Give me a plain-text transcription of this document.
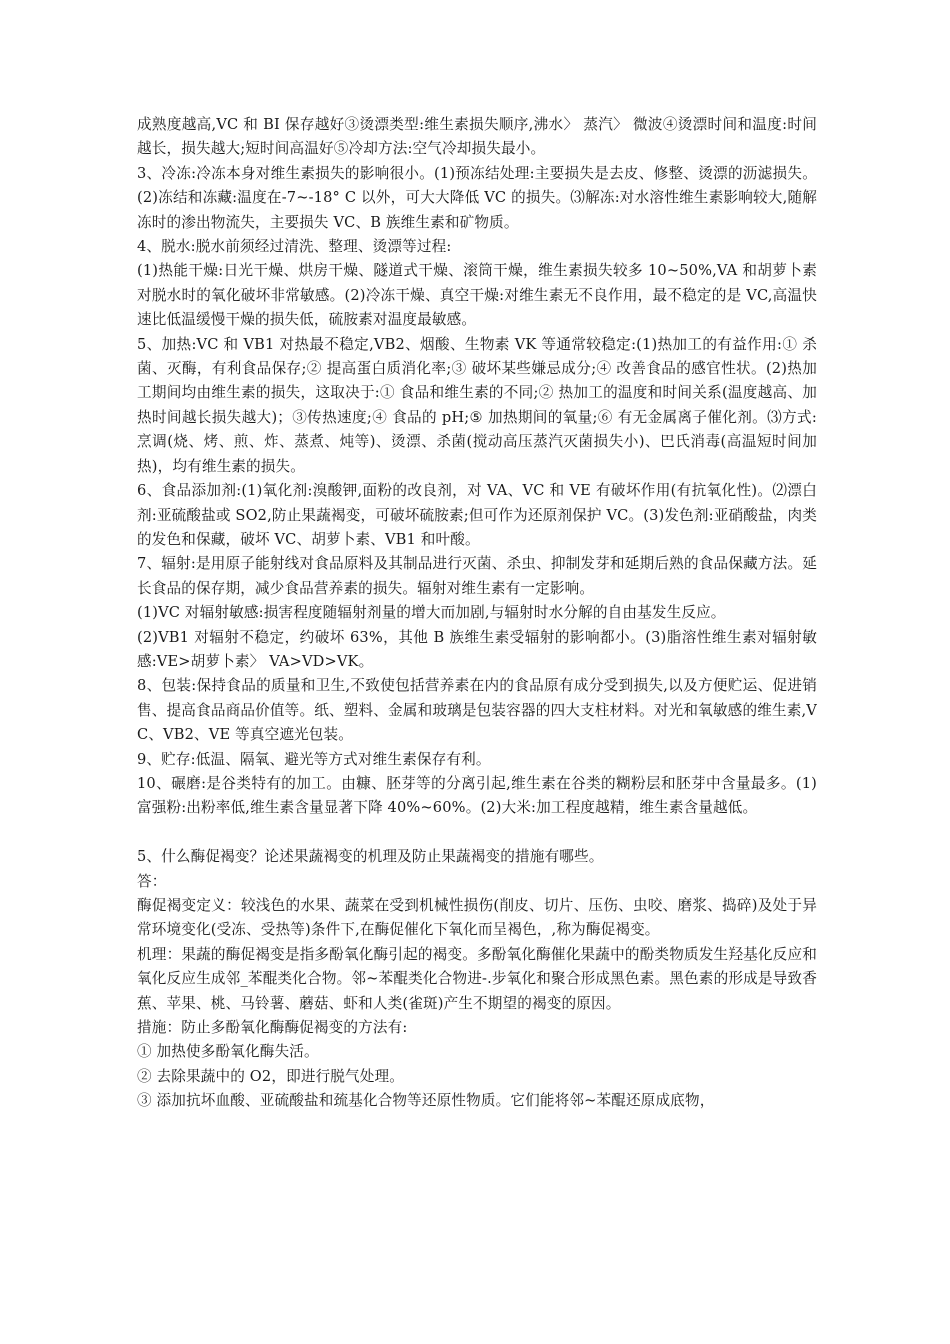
成熟度越高,VC 和 BI 保存越好③烫漂类型:维生素损失顺序,沸水〉 蒸汽〉 微波④烫漂时间和温度:时间越长，损失越大;短时间高温好⑤冷却方法:空气冷却损失最小。

3、冷冻:冷冻本身对维生素损失的影响很小。(1)预冻结处理:主要损失是去皮、修整、烫漂的沥滤损失。(2)冻结和冻藏:温度在-7~-18° C 以外，可大大降低 VC 的损失。⑶解冻:对水溶性维生素影响较大,随解冻时的渗出物流失，主要损失 VC、B 族维生素和矿物质。

4、脱水:脱水前须经过清洗、整理、烫漂等过程:

(1)热能干燥:日光干燥、烘房干燥、隧道式干燥、滚筒干燥，维生素损失较多 10~50%,VA 和胡萝卜素对脱水时的氧化破坏非常敏感。(2)冷冻干燥、真空干燥:对维生素无不良作用，最不稳定的是 VC,高温快速比低温缓慢干燥的损失低，硫胺素对温度最敏感。

5、加热:VC 和 VB1 对热最不稳定,VB2、烟酸、生物素 VK 等通常较稳定:(1)热加工的有益作用:① 杀菌、灭酶，有利食品保存;② 提高蛋白质消化率;③ 破坏某些嫌忌成分;④ 改善食品的感官性状。(2)热加工期间均由维生素的损失，这取决于:① 食品和维生素的不同;② 热加工的温度和时间关系(温度越高、加热时间越长损失越大)；③传热速度;④ 食品的 pH;⑤ 加热期间的氧量;⑥ 有无金属离子催化剂。⑶方式:烹调(烧、烤、煎、炸、蒸煮、炖等)、烫漂、杀菌(搅动高压蒸汽灭菌损失小)、巴氏消毒(高温短时间加热)，均有维生素的损失。

6、食品添加剂:(1)氧化剂:溴酸钾,面粉的改良剂，对 VA、VC 和 VE 有破坏作用(有抗氧化性)。⑵漂白剂:亚硫酸盐或 SO2,防止果蔬褐变，可破坏硫胺素;但可作为还原剂保护 VC。(3)发色剂:亚硝酸盐，肉类的发色和保藏，破坏 VC、胡萝卜素、VB1 和叶酸。

7、辐射:是用原子能射线对食品原料及其制品进行灭菌、杀虫、抑制发芽和延期后熟的食品保藏方法。延长食品的保存期，减少食品营养素的损失。辐射对维生素有一定影响。

(1)VC 对辐射敏感:损害程度随辐射剂量的增大而加剧,与辐射时水分解的自由基发生反应。

(2)VB1 对辐射不稳定，约破坏 63%，其他 B 族维生素受辐射的影响都小。(3)脂溶性维生素对辐射敏感:VE>胡萝卜素〉 VA>VD>VK。

8、包装:保持食品的质量和卫生,不致使包括营养素在内的食品原有成分受到损失,以及方便贮运、促进销售、提高食品商品价值等。纸、塑料、金属和玻璃是包装容器的四大支柱材料。对光和氧敏感的维生素,VC、VB2、VE 等真空遮光包装。

9、贮存:低温、隔氧、避光等方式对维生素保存有利。

10、碾磨:是谷类特有的加工。由糠、胚芽等的分离引起,维生素在谷类的糊粉层和胚芽中含量最多。(1)富强粉:出粉率低,维生素含量显著下降 40%~60%。(2)大米:加工程度越精，维生素含量越低。

5、什么酶促褐变？论述果蔬褐变的机理及防止果蔬褐变的措施有哪些。

答：

酶促褐变定义：较浅色的水果、蔬菜在受到机械性损伤(削皮、切片、压伤、虫咬、磨浆、捣碎)及处于异常环境变化(受冻、受热等)条件下,在酶促催化下氧化而呈褐色，,称为酶促褐变。

机理：果蔬的酶促褐变是指多酚氧化酶引起的褐变。多酚氧化酶催化果蔬中的酚类物质发生羟基化反应和氧化反应生成邻_苯醌类化合物。邻~苯醌类化合物进-.步氧化和聚合形成黑色素。黑色素的形成是导致香蕉、苹果、桃、马铃薯、蘑菇、虾和人类(雀斑)产生不期望的褐变的原因。

措施：防止多酚氧化酶酶促褐变的方法有:

① 加热使多酚氧化酶失活。

② 去除果蔬中的 O2，即进行脱气处理。

③ 添加抗坏血酸、亚硫酸盐和巯基化合物等还原性物质。它们能将邻~苯醌还原成底物，
